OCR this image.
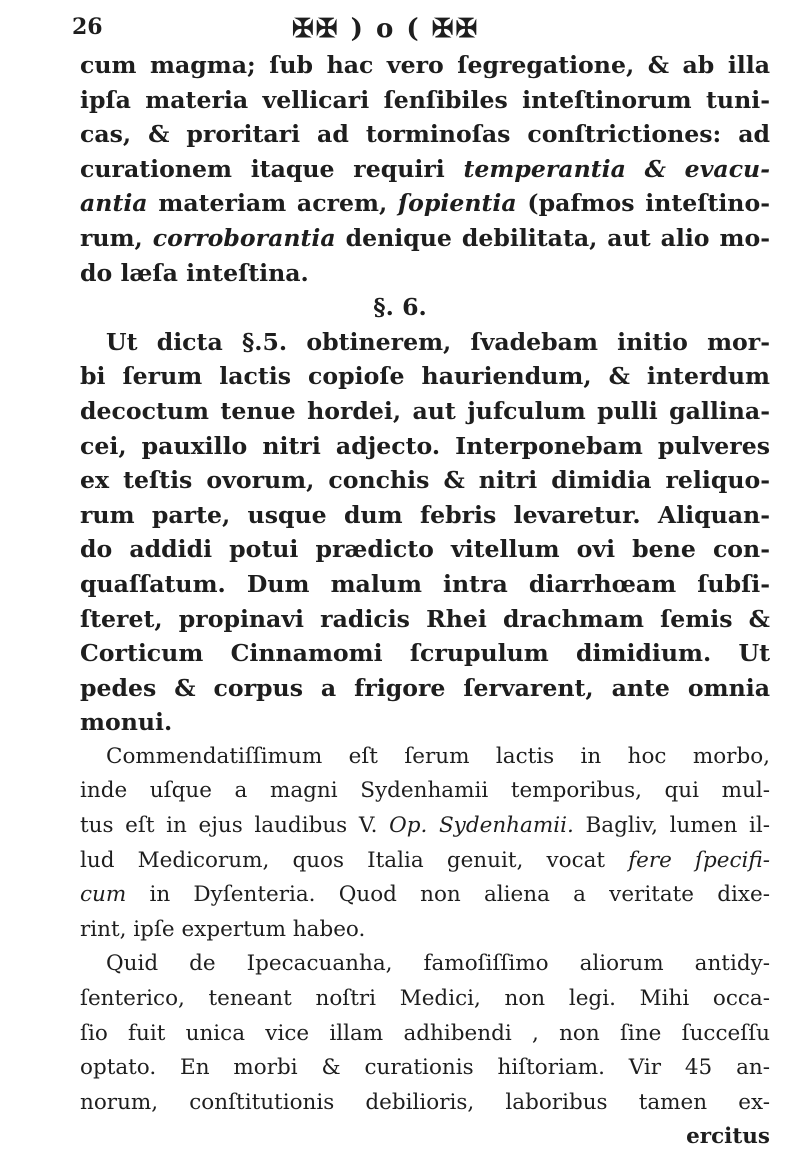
26	✠✠ ) o ( ✠✠
cum magma; ſub hac vero ſegregatione, & ab illa
ipſa materia vellicari ſenſibiles inteſtinorum tuni-
cas, & proritari ad torminoſas conſtrictiones: ad
curationem itaque requiri temperantia & evacu-
antia materiam acrem, ſopientia (pafmos inteſtino-
rum, corroborantia denique debilitata, aut alio mo-
do læſa inteſtina.
§. 6.
Ut dicta §.5. obtinerem, ſvadebam initio mor-
bi ſerum lactis copioſe hauriendum, & interdum
decoctum tenue hordei, aut jufculum pulli gallina-
cei, pauxillo nitri adjecto. Interponebam pulveres
ex teſtis ovorum, conchis & nitri dimidia reliquo-
rum parte, usque dum febris levaretur. Aliquan-
do addidi potui prædicto vitellum ovi bene con-
quaſſatum. Dum malum intra diarrhœam ſubſi-
ſteret, propinavi radicis Rhei drachmam ſemis &
Corticum Cinnamomi ſcrupulum dimidium. Ut
pedes & corpus a frigore ſervarent, ante omnia
monui.
Commendatiſſimum eſt ſerum lactis in hoc morbo,
inde uſque a magni Sydenhamii temporibus, qui mul-
tus eſt in ejus laudibus V. Op. Sydenhamii. Bagliv, lumen il-
lud Medicorum, quos Italia genuit, vocat fere ſpecifi-
cum in Dyſenteria. Quod non aliena a veritate dixe-
rint, ipſe expertum habeo.
Quid de Ipecacuanha, famoſiſſimo aliorum antidy-
ſenterico, teneant noſtri Medici, non legi. Mihi occa-
ſio fuit unica vice illam adhibendi , non ſine ſucceſſu
optato. En morbi & curationis hiſtoriam. Vir 45 an-
norum, conſtitutionis debilioris, laboribus tamen ex-
ercitus
